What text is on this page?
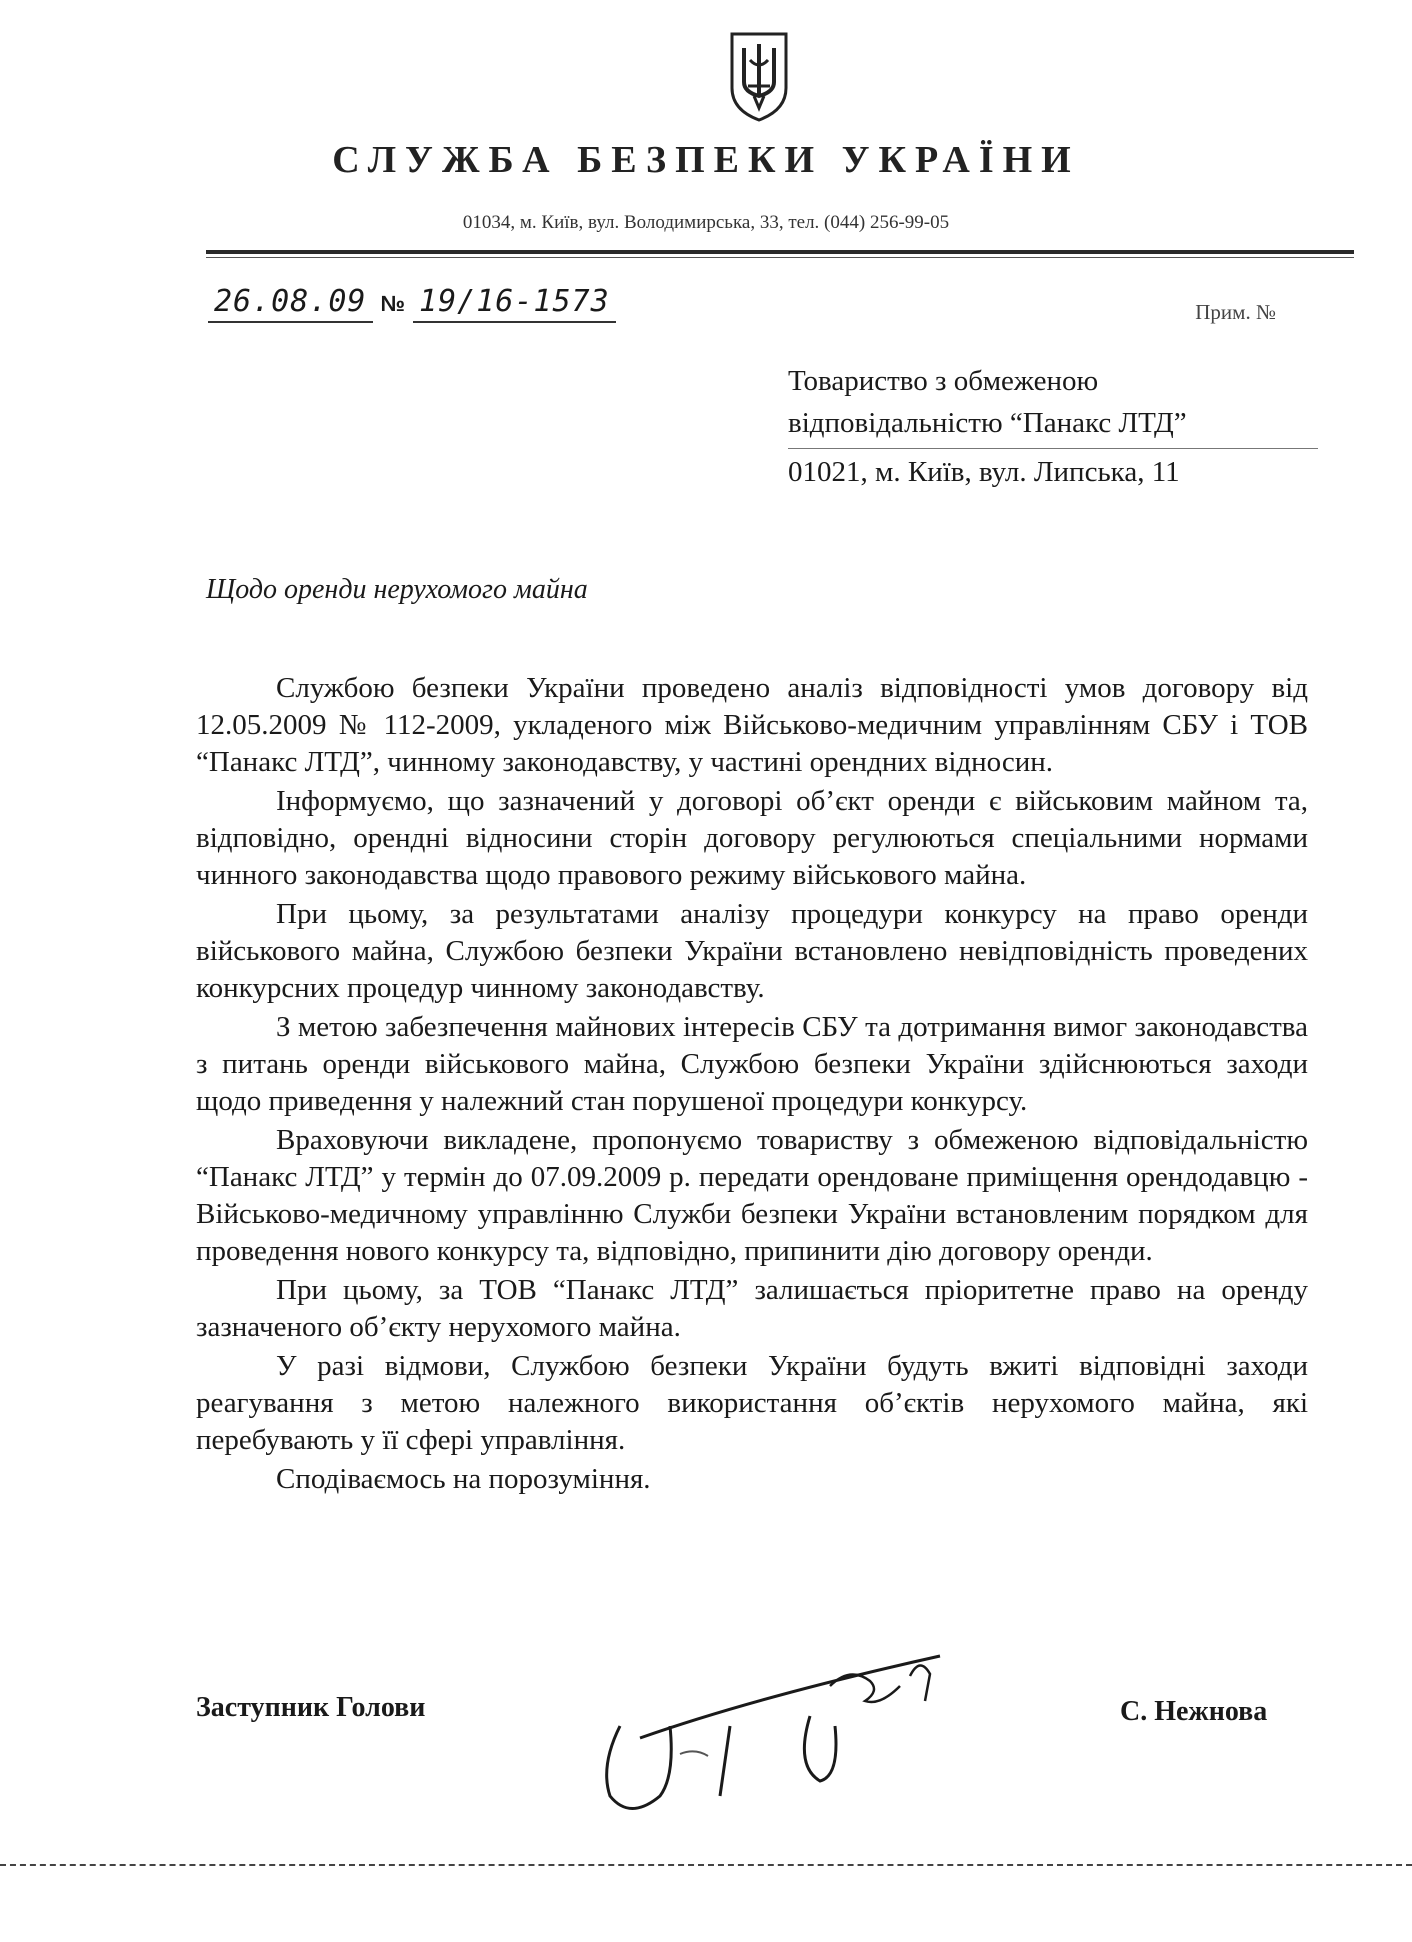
СЛУЖБА БЕЗПЕКИ УКРАЇНИ
01034, м. Київ, вул. Володимирська, 33, тел. (044) 256-99-05
26.08.09 № 19/16-1573	Прим. №
Товариство з обмеженою
відповідальністю “Панакс ЛТД”
01021, м. Київ, вул. Липська, 11
Щодо оренди нерухомого майна

Службою безпеки України проведено аналіз відповідності умов договору від 12.05.2009 № 112-2009, укладеного між Військово-медичним управлінням СБУ і ТОВ “Панакс ЛТД”, чинному законодавству, у частині орендних відносин.

Інформуємо, що зазначений у договорі об’єкт оренди є військовим майном та, відповідно, орендні відносини сторін договору регулюються спеціальними нормами чинного законодавства щодо правового режиму військового майна.

При цьому, за результатами аналізу процедури конкурсу на право оренди військового майна, Службою безпеки України встановлено невідповідність проведених конкурсних процедур чинному законодавству.

З метою забезпечення майнових інтересів СБУ та дотримання вимог законодавства з питань оренди військового майна, Службою безпеки України здійснюються заходи щодо приведення у належний стан порушеної процедури конкурсу.

Враховуючи викладене, пропонуємо товариству з обмеженою відповідальністю “Панакс ЛТД” у термін до 07.09.2009 р. передати орендоване приміщення орендодавцю - Військово-медичному управлінню Служби безпеки України встановленим порядком для проведення нового конкурсу та, відповідно, припинити дію договору оренди.

При цьому, за ТОВ “Панакс ЛТД” залишається пріоритетне право на оренду зазначеного об’єкту нерухомого майна.

У разі відмови, Службою безпеки України будуть вжиті відповідні заходи реагування з метою належного використання об’єктів нерухомого майна, які перебувають у її сфері управління.

Сподіваємось на порозуміння.

Заступник Голови	С. Нежнова
